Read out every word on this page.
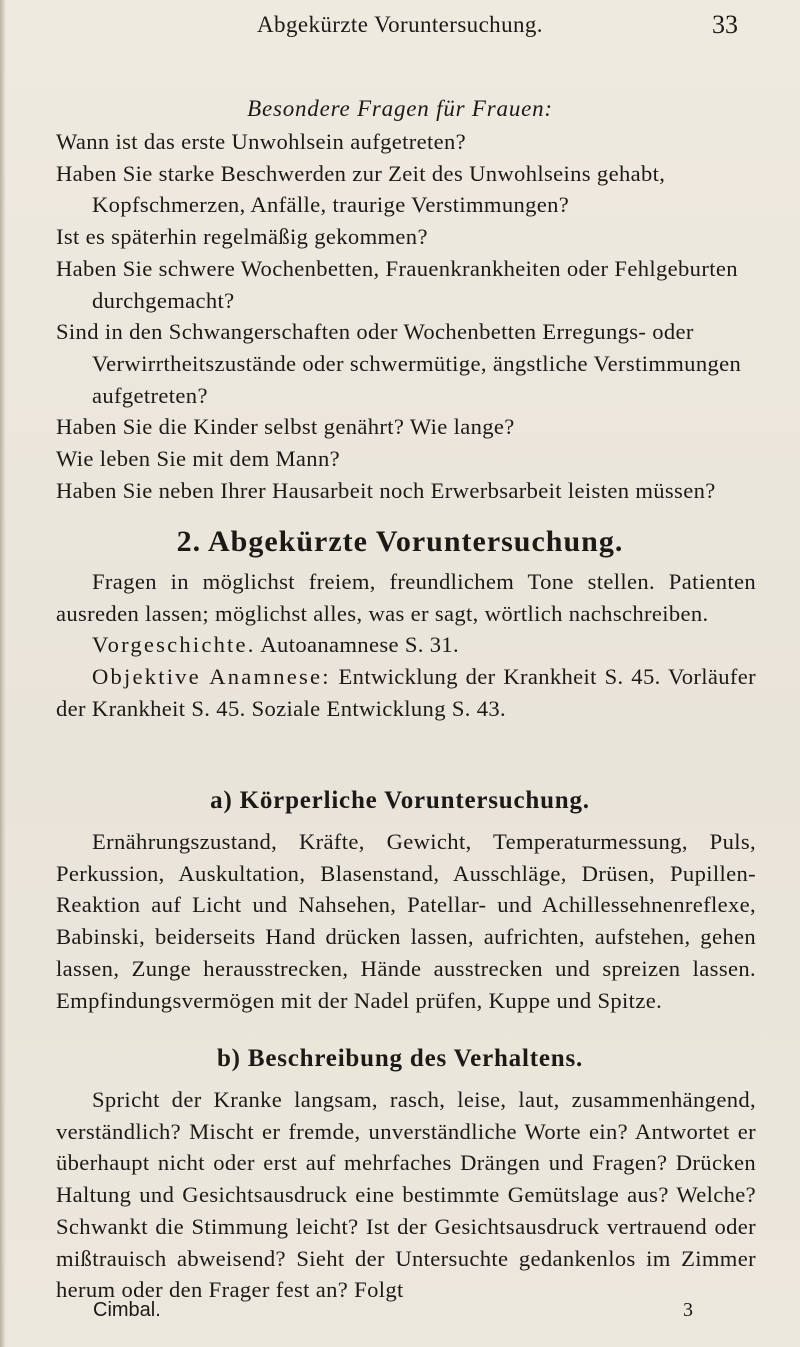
Abgekürzte Voruntersuchung.	33
Besondere Fragen für Frauen:

Wann ist das erste Unwohlsein aufgetreten?

Haben Sie starke Beschwerden zur Zeit des Unwohlseins gehabt, Kopfschmerzen, Anfälle, traurige Verstimmungen?

Ist es späterhin regelmäßig gekommen?

Haben Sie schwere Wochenbetten, Frauenkrankheiten oder Fehlgeburten durchgemacht?

Sind in den Schwangerschaften oder Wochenbetten Erregungs- oder Verwirrtheitszustände oder schwermütige, ängstliche Verstimmungen aufgetreten?

Haben Sie die Kinder selbst genährt? Wie lange?

Wie leben Sie mit dem Mann?

Haben Sie neben Ihrer Hausarbeit noch Erwerbsarbeit leisten müssen?

2. Abgekürzte Voruntersuchung.

Fragen in möglichst freiem, freundlichem Tone stellen. Patienten ausreden lassen; möglichst alles, was er sagt, wörtlich nachschreiben.

Vorgeschichte. Autoanamnese S. 31.

Objektive Anamnese: Entwicklung der Krankheit S. 45. Vorläufer der Krankheit S. 45. Soziale Entwicklung S. 43.

a) Körperliche Voruntersuchung.

Ernährungszustand, Kräfte, Gewicht, Temperaturmessung, Puls, Perkussion, Auskultation, Blasenstand, Ausschläge, Drüsen, Pupillen-Reaktion auf Licht und Nahsehen, Patellar- und Achillessehnenreflexe, Babinski, beiderseits Hand drücken lassen, aufrichten, aufstehen, gehen lassen, Zunge herausstrecken, Hände ausstrecken und spreizen lassen. Empfindungsvermögen mit der Nadel prüfen, Kuppe und Spitze.

b) Beschreibung des Verhaltens.

Spricht der Kranke langsam, rasch, leise, laut, zusammenhängend, verständlich? Mischt er fremde, unverständliche Worte ein? Antwortet er überhaupt nicht oder erst auf mehrfaches Drängen und Fragen? Drücken Haltung und Gesichtsausdruck eine bestimmte Gemütslage aus? Welche? Schwankt die Stimmung leicht? Ist der Gesichtsausdruck vertrauend oder mißtrauisch abweisend? Sieht der Untersuchte gedankenlos im Zimmer herum oder den Frager fest an? Folgt

Cimbal.	3
